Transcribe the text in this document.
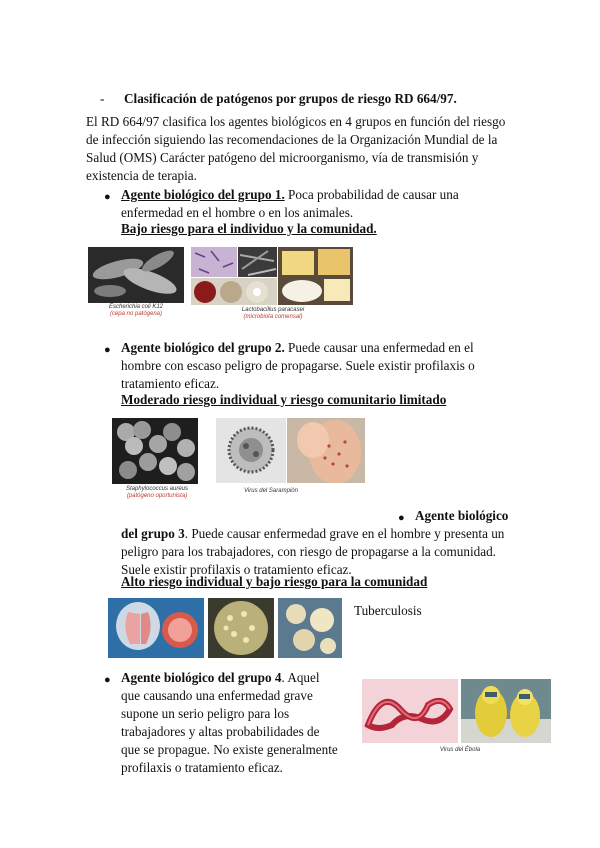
- Clasificación de patógenos por grupos de riesgo RD 664/97.
El RD 664/97 clasifica los agentes biológicos en 4 grupos en función del riesgo
de infección siguiendo las recomendaciones de la Organización Mundial de la
Salud (OMS) Carácter patógeno del microorganismo, vía de transmisión y
existencia de terapia.
● Agente biológico del grupo 1. Poca probabilidad de causar una
enfermedad en el hombre o en los animales.
Bajo riesgo para el individuo y la comunidad.
Escherichia coli K12
(cepa no patógena)
Lactobacillus paracasei
(microbiota comensal)
● Agente biológico del grupo 2. Puede causar una enfermedad en el
hombre con escaso peligro de propagarse. Suele existir profilaxis o
tratamiento eficaz.
Moderado riesgo individual y riesgo comunitario limitado
Staphylococcus aureus
(patógeno oportunista)
Virus del Sarampión
● Agente biológico
del grupo 3. Puede causar enfermedad grave en el hombre y presenta un
peligro para los trabajadores, con riesgo de propagarse a la comunidad.
Suele existir profilaxis o tratamiento eficaz.
Alto riesgo individual y bajo riesgo para la comunidad
Tuberculosis
● Agente biológico del grupo 4. Aquel
que causando una enfermedad grave
supone un serio peligro para los
trabajadores y altas probabilidades de
que se propague. No existe generalmente
profilaxis o tratamiento eficaz.
Virus del Ébola
